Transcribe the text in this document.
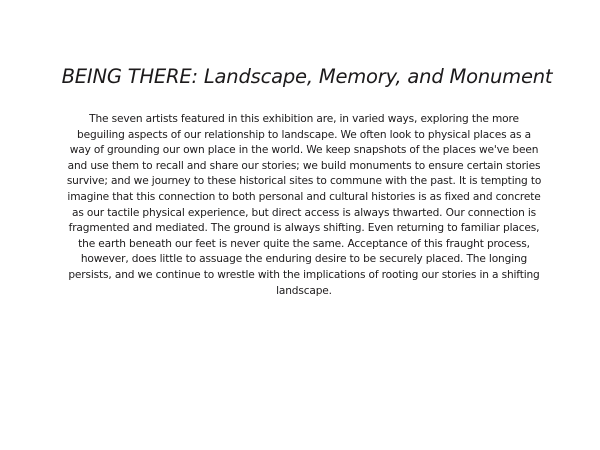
BEING THERE: Landscape, Memory, and Monument

The seven artists featured in this exhibition are, in varied ways, exploring the more beguiling aspects of our relationship to landscape. We often look to physical places as a way of grounding our own place in the world. We keep snapshots of the places we've been and use them to recall and share our stories; we build monuments to ensure certain stories survive; and we journey to these historical sites to commune with the past. It is tempting to imagine that this connection to both personal and cultural histories is as fixed and concrete as our tactile physical experience, but direct access is always thwarted. Our connection is fragmented and mediated. The ground is always shifting. Even returning to familiar places, the earth beneath our feet is never quite the same. Acceptance of this fraught process, however, does little to assuage the enduring desire to be securely placed. The longing persists, and we continue to wrestle with the implications of rooting our stories in a shifting landscape.
